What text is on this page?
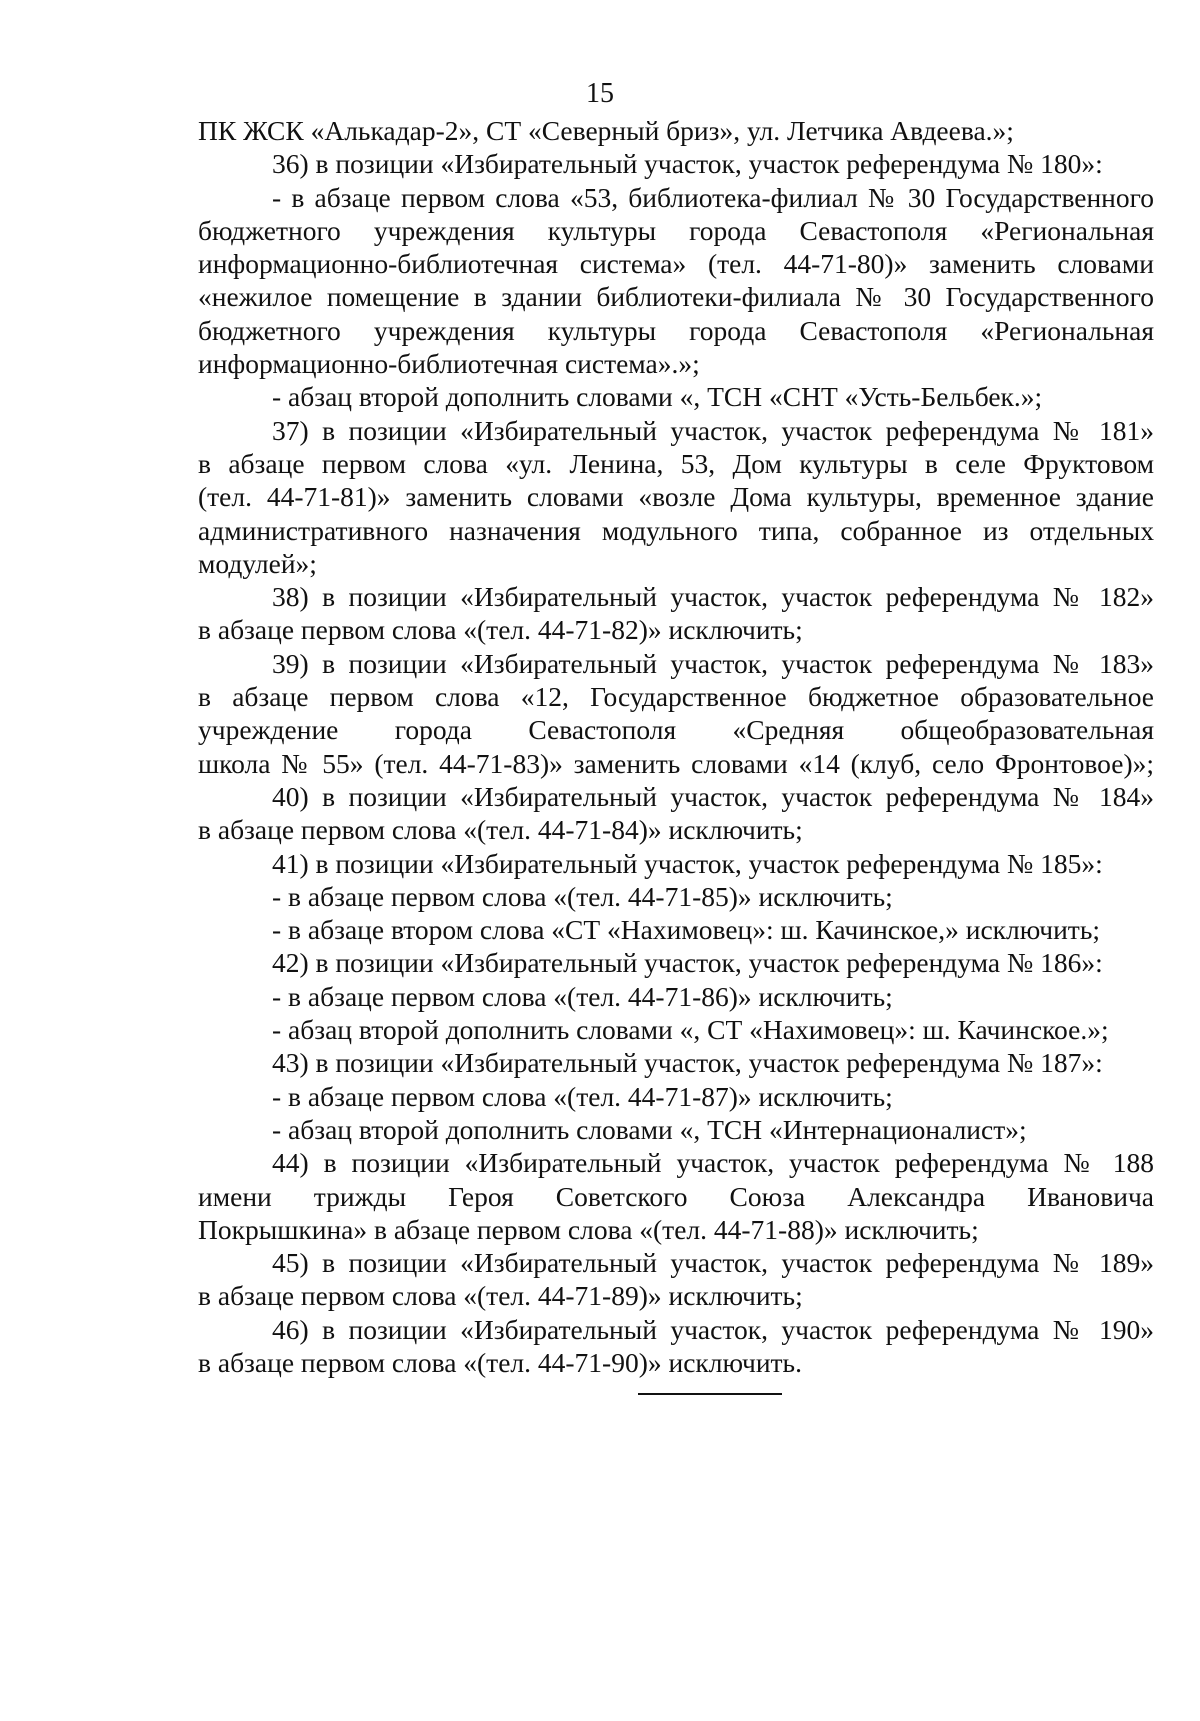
15
ПК ЖСК «Алькадар-2», СТ «Северный бриз», ул. Летчика Авдеева.»;
36) в позиции «Избирательный участок, участок референдума № 180»:
- в абзаце первом слова «53, библиотека-филиал № 30 Государственного
бюджетного учреждения культуры города Севастополя «Региональная
информационно-библиотечная система» (тел. 44-71-80)» заменить словами
«нежилое помещение в здании библиотеки-филиала № 30 Государственного
бюджетного учреждения культуры города Севастополя «Региональная
информационно-библиотечная система».»;
- абзац второй дополнить словами «, ТСН «СНТ «Усть-Бельбек.»;
37) в позиции «Избирательный участок, участок референдума № 181»
в абзаце первом слова «ул. Ленина, 53, Дом культуры в селе Фруктовом
(тел. 44-71-81)» заменить словами «возле Дома культуры, временное здание
административного назначения модульного типа, собранное из отдельных
модулей»;
38) в позиции «Избирательный участок, участок референдума № 182»
в абзаце первом слова «(тел. 44-71-82)» исключить;
39) в позиции «Избирательный участок, участок референдума № 183»
в абзаце первом слова «12, Государственное бюджетное образовательное
учреждение города Севастополя «Средняя общеобразовательная
школа № 55» (тел. 44-71-83)» заменить словами «14 (клуб, село Фронтовое)»;
40) в позиции «Избирательный участок, участок референдума № 184»
в абзаце первом слова «(тел. 44-71-84)» исключить;
41) в позиции «Избирательный участок, участок референдума № 185»:
- в абзаце первом слова «(тел. 44-71-85)» исключить;
- в абзаце втором слова «СТ «Нахимовец»: ш. Качинское,» исключить;
42) в позиции «Избирательный участок, участок референдума № 186»:
- в абзаце первом слова «(тел. 44-71-86)» исключить;
- абзац второй дополнить словами «, СТ «Нахимовец»: ш. Качинское.»;
43) в позиции «Избирательный участок, участок референдума № 187»:
- в абзаце первом слова «(тел. 44-71-87)» исключить;
- абзац второй дополнить словами «, ТСН «Интернационалист»;
44) в позиции «Избирательный участок, участок референдума № 188
имени трижды Героя Советского Союза Александра Ивановича
Покрышкина» в абзаце первом слова «(тел. 44-71-88)» исключить;
45) в позиции «Избирательный участок, участок референдума № 189»
в абзаце первом слова «(тел. 44-71-89)» исключить;
46) в позиции «Избирательный участок, участок референдума № 190»
в абзаце первом слова «(тел. 44-71-90)» исключить.
